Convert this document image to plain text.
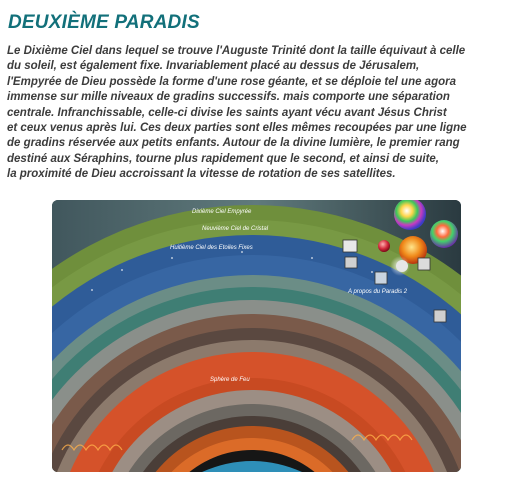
DEUXIÈME PARADIS

Le Dixième Ciel dans lequel se trouve l'Auguste Trinité dont la taille équivaut à celle
du soleil, est également fixe. Invariablement placé au dessus de Jérusalem,
l'Empyrée de Dieu possède la forme d'une rose géante, et se déploie tel une agora
immense sur mille niveaux de gradins successifs. mais comporte une séparation
centrale. Infranchissable, celle-ci divise les saints ayant vécu avant Jésus Christ
et ceux venus après lui. Ces deux parties sont elles mêmes recoupées par une ligne
de gradins réservée aux petits enfants. Autour de la divine lumière, le premier rang
destiné aux Séraphins, tourne plus rapidement que le second, et ainsi de suite,
la proximité de Dieu accroissant la vitesse de rotation de ses satellites.

Dixième Ciel Empyrée
Neuvième Ciel de Cristal
Huitième Ciel des Etoiles Fixes
A propos du Paradis 2
Sphère de Feu
